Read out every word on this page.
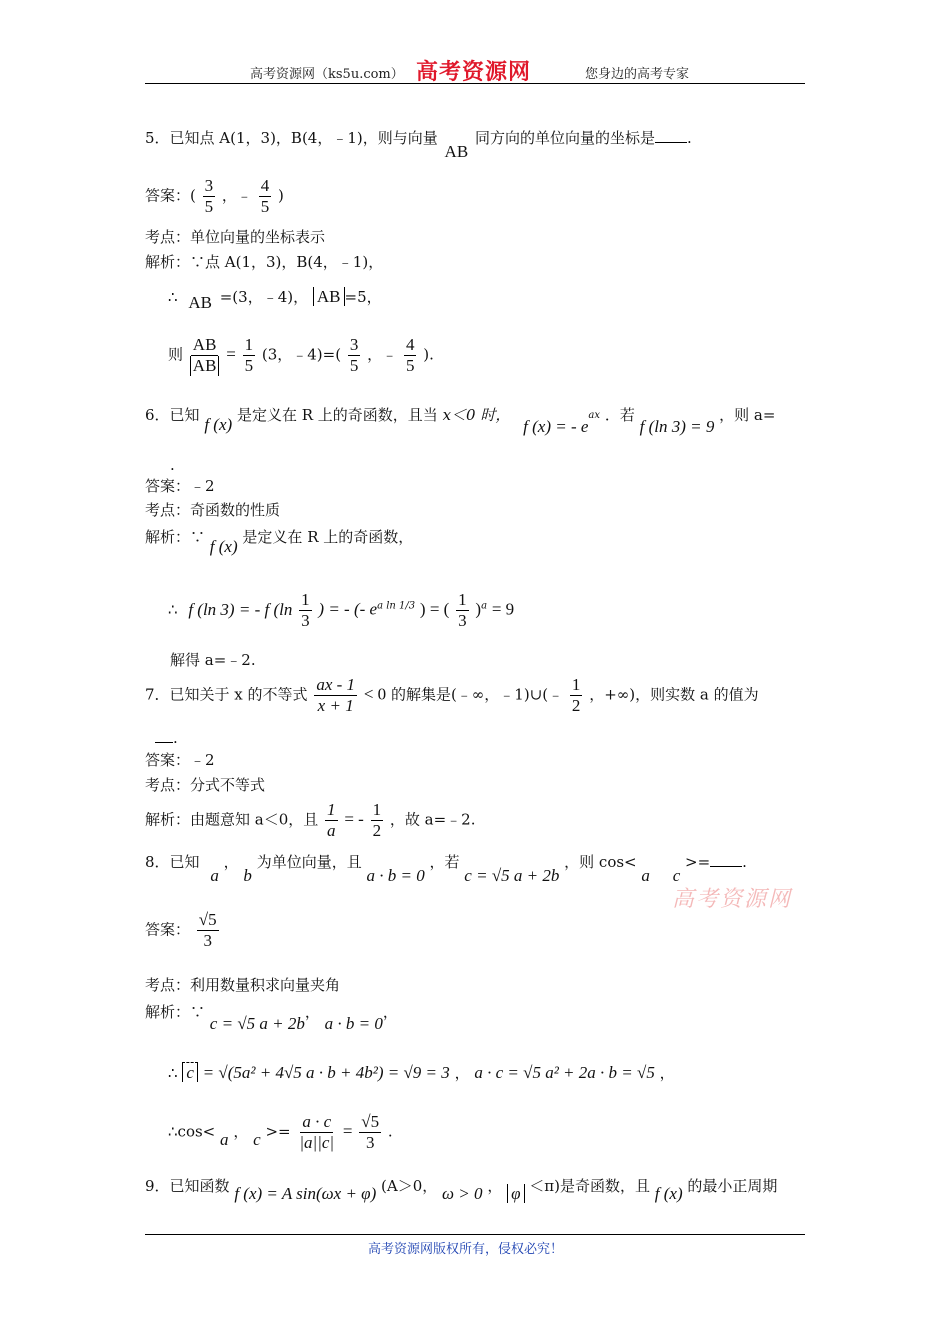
高考资源网（ks5u.com） 高考资源网	您身边的高考专家
5．已知点 A(1，3)，B(4，﹣1)，则与向量 AB 同方向的单位向量的坐标是 .
答案：( $\frac{3}{5}$ ，﹣ $\frac{4}{5}$ )
考点：单位向量的坐标表示
解析：∵点 A(1，3)，B(4，﹣1)，
∴ AB =(3，﹣4)， AB =5，
则 $\frac{AB}{AB} = \frac{1}{5} (3$，﹣4)=( $\frac{3}{5}$ ，﹣ $\frac{4}{5}$ ).
6．已知 f (x) 是定义在 R 上的奇函数，且当 x＜0 时， f (x) = - $e^{ax}$ ．若 f (ln 3) = 9 ，则 a=
.
答案：﹣2
考点：奇函数的性质
解析：∵ f (x) 是定义在 R 上的奇函数，
∴ f (ln 3) = - f ($\ln \frac{1}{3}$ ) = - (- $e^{a ln 1/3}$ ) = ( $\frac{1}{3} )^a = 9$
解得 a=﹣2.
7．已知关于 x 的不等式 $\frac{ax - 1}{x + 1} < 0$ 的解集是(﹣∞，﹣1)∪(﹣ $\frac{1}{2}$ ，+∞)，则实数 a 的值为
.
答案：﹣2
考点：分式不等式
解析：由题意知 a＜0，且 $\frac{1}{a}$ = - $\frac{1}{2}$ ，故 a=﹣2.
8．已知 a ， b 为单位向量，且 a · b = 0 ，若 c = √5 a + 2b ，则 cos< a c >= .
高考资源网
答案： $\frac{√5}{3}$
考点：利用数量积求向量夹角
解析：∵ c = √5 a + 2b， a · b = 0，
∴ c = √(5a² + 4√5 a · b + 4b²) = √9 = 3 ， a · c = √5 a² + 2a · b = √5 ，
∴cos< a ， $c >= \frac{a \cdot c}{|a||c|} = \frac{√5}{3}$ .
9．已知函数 f (x) = A sin(ωx + φ) (A＞0， ω > 0 ， φ ＜π)是奇函数，且 f (x) 的最小正周期
高考资源网版权所有，侵权必究！
